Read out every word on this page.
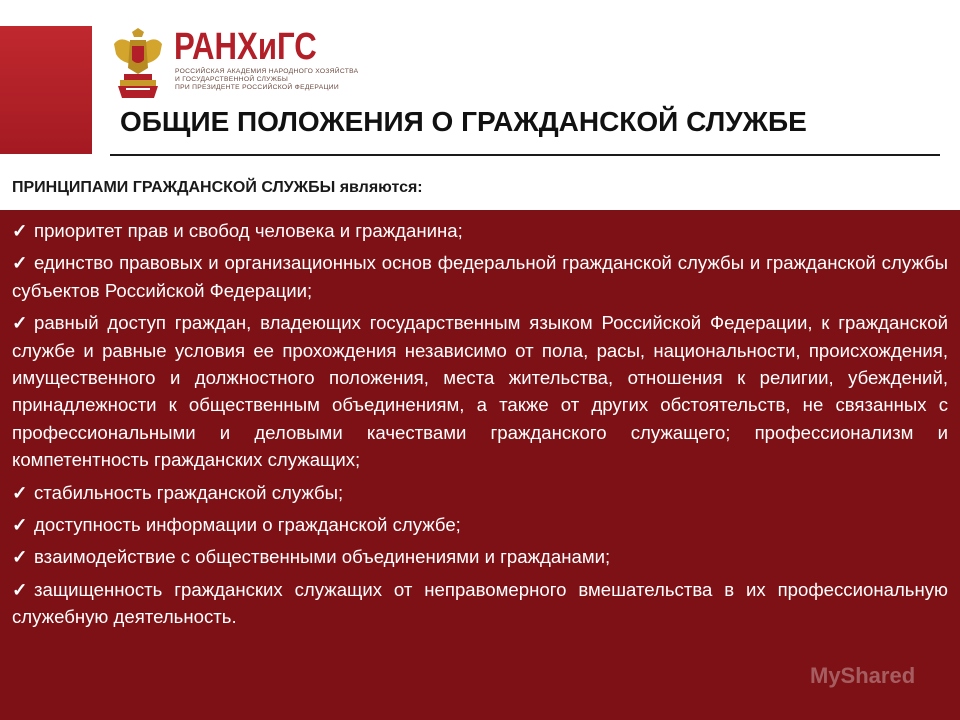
РАНХиГС
РОССИЙСКАЯ АКАДЕМИЯ НАРОДНОГО ХОЗЯЙСТВА
И ГОСУДАРСТВЕННОЙ СЛУЖБЫ
ПРИ ПРЕЗИДЕНТЕ РОССИЙСКОЙ ФЕДЕРАЦИИ
ОБЩИЕ ПОЛОЖЕНИЯ О ГРАЖДАНСКОЙ СЛУЖБЕ
ПРИНЦИПАМИ ГРАЖДАНСКОЙ СЛУЖБЫ являются:
✓ приоритет прав и свобод человека и гражданина;
✓ единство правовых и организационных основ федеральной гражданской службы и гражданской службы субъектов Российской Федерации;
✓ равный доступ граждан, владеющих государственным языком Российской Федерации, к гражданской службе и равные условия ее прохождения независимо от пола, расы, национальности, происхождения, имущественного и должностного положения, места жительства, отношения к религии, убеждений, принадлежности к общественным объединениям, а также от других обстоятельств, не связанных с профессиональными и деловыми качествами гражданского служащего; профессионализм и компетентность гражданских служащих;
✓ стабильность гражданской службы;
✓ доступность информации о гражданской службе;
✓ взаимодействие с общественными объединениями и гражданами;
✓ защищенность гражданских служащих от неправомерного вмешательства в их профессиональную служебную деятельность.
MyShared
